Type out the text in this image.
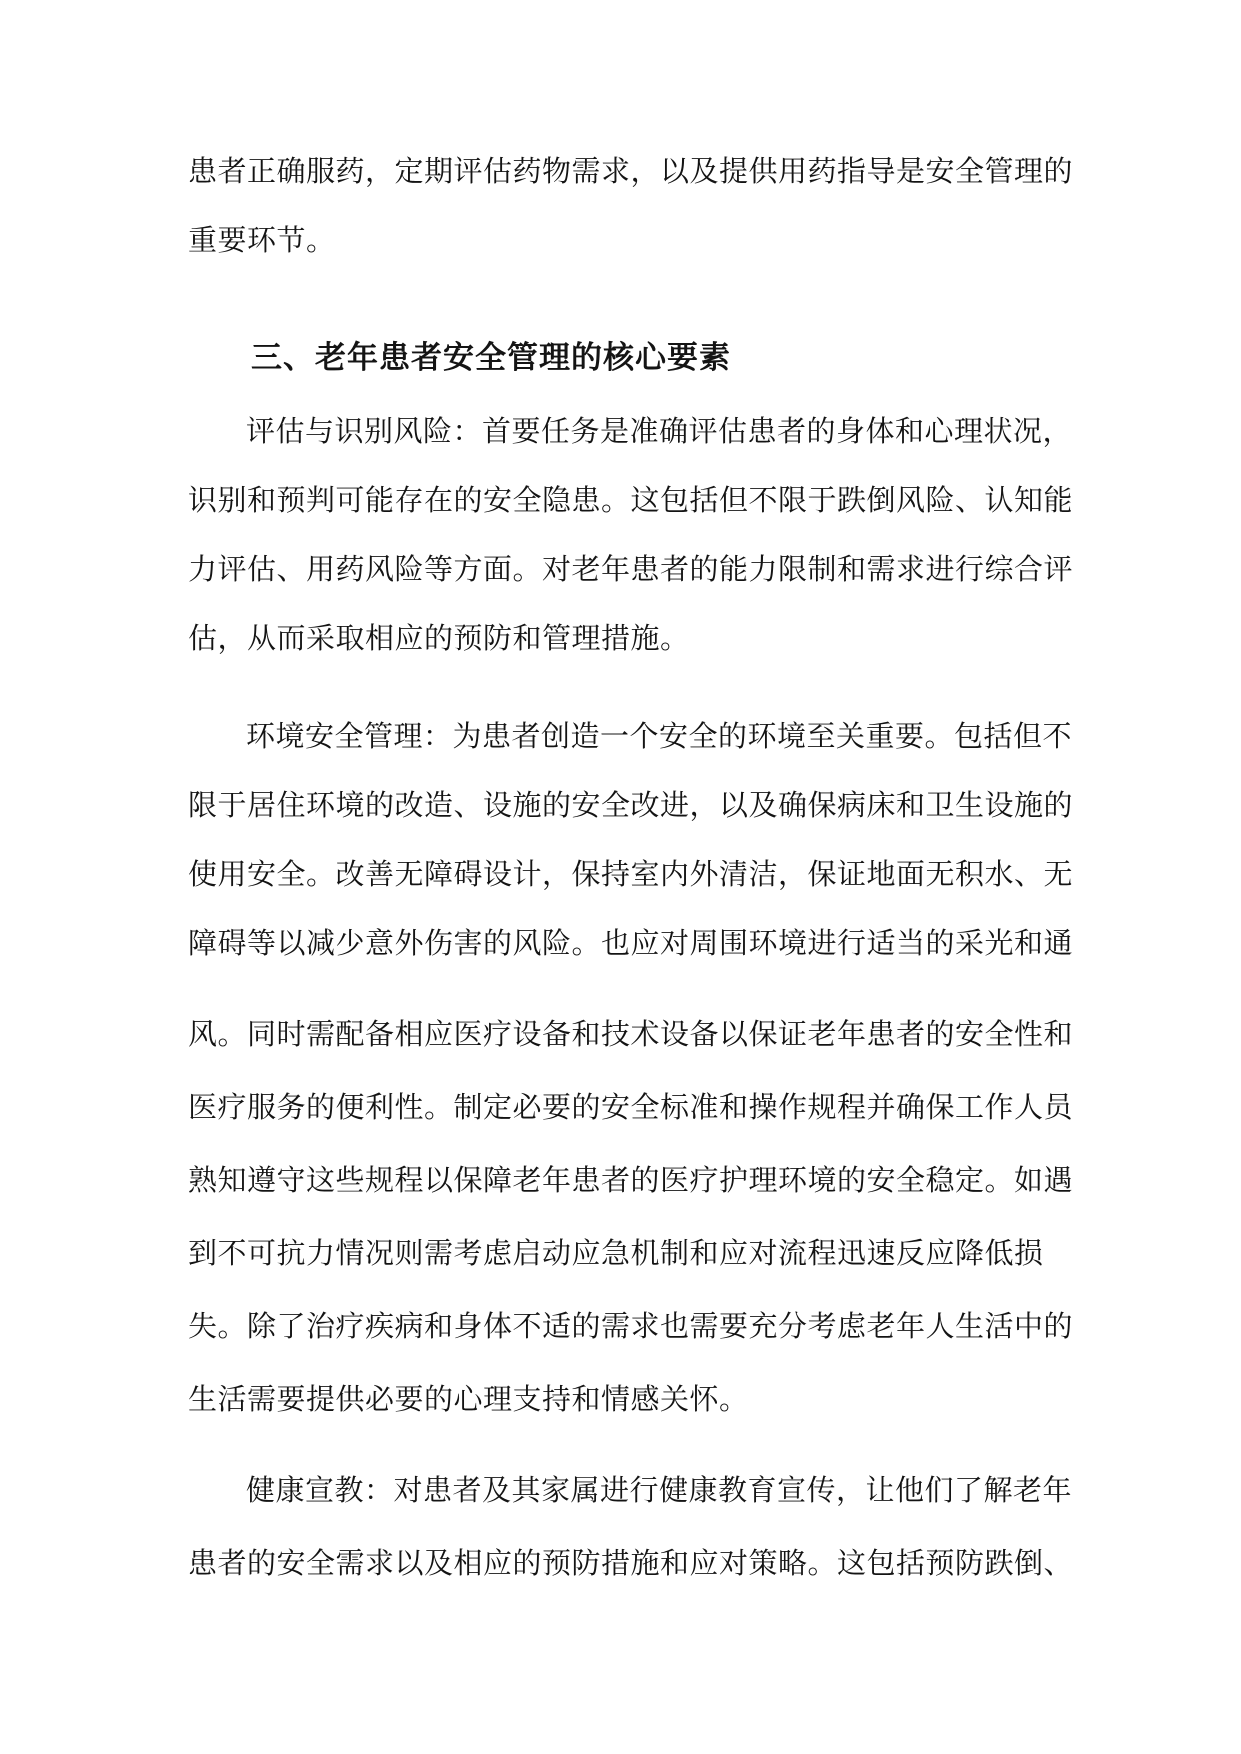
患者正确服药，定期评估药物需求，以及提供用药指导是安全管理的
重要环节。
三、老年患者安全管理的核心要素
评估与识别风险：首要任务是准确评估患者的身体和心理状况，
识别和预判可能存在的安全隐患。这包括但不限于跌倒风险、认知能
力评估、用药风险等方面。对老年患者的能力限制和需求进行综合评
估，从而采取相应的预防和管理措施。
环境安全管理：为患者创造一个安全的环境至关重要。包括但不
限于居住环境的改造、设施的安全改进，以及确保病床和卫生设施的
使用安全。改善无障碍设计，保持室内外清洁，保证地面无积水、无
障碍等以减少意外伤害的风险。也应对周围环境进行适当的采光和通
风。同时需配备相应医疗设备和技术设备以保证老年患者的安全性和
医疗服务的便利性。制定必要的安全标准和操作规程并确保工作人员
熟知遵守这些规程以保障老年患者的医疗护理环境的安全稳定。如遇
到不可抗力情况则需考虑启动应急机制和应对流程迅速反应降低损
失。除了治疗疾病和身体不适的需求也需要充分考虑老年人生活中的
生活需要提供必要的心理支持和情感关怀。
健康宣教：对患者及其家属进行健康教育宣传，让他们了解老年
患者的安全需求以及相应的预防措施和应对策略。这包括预防跌倒、
